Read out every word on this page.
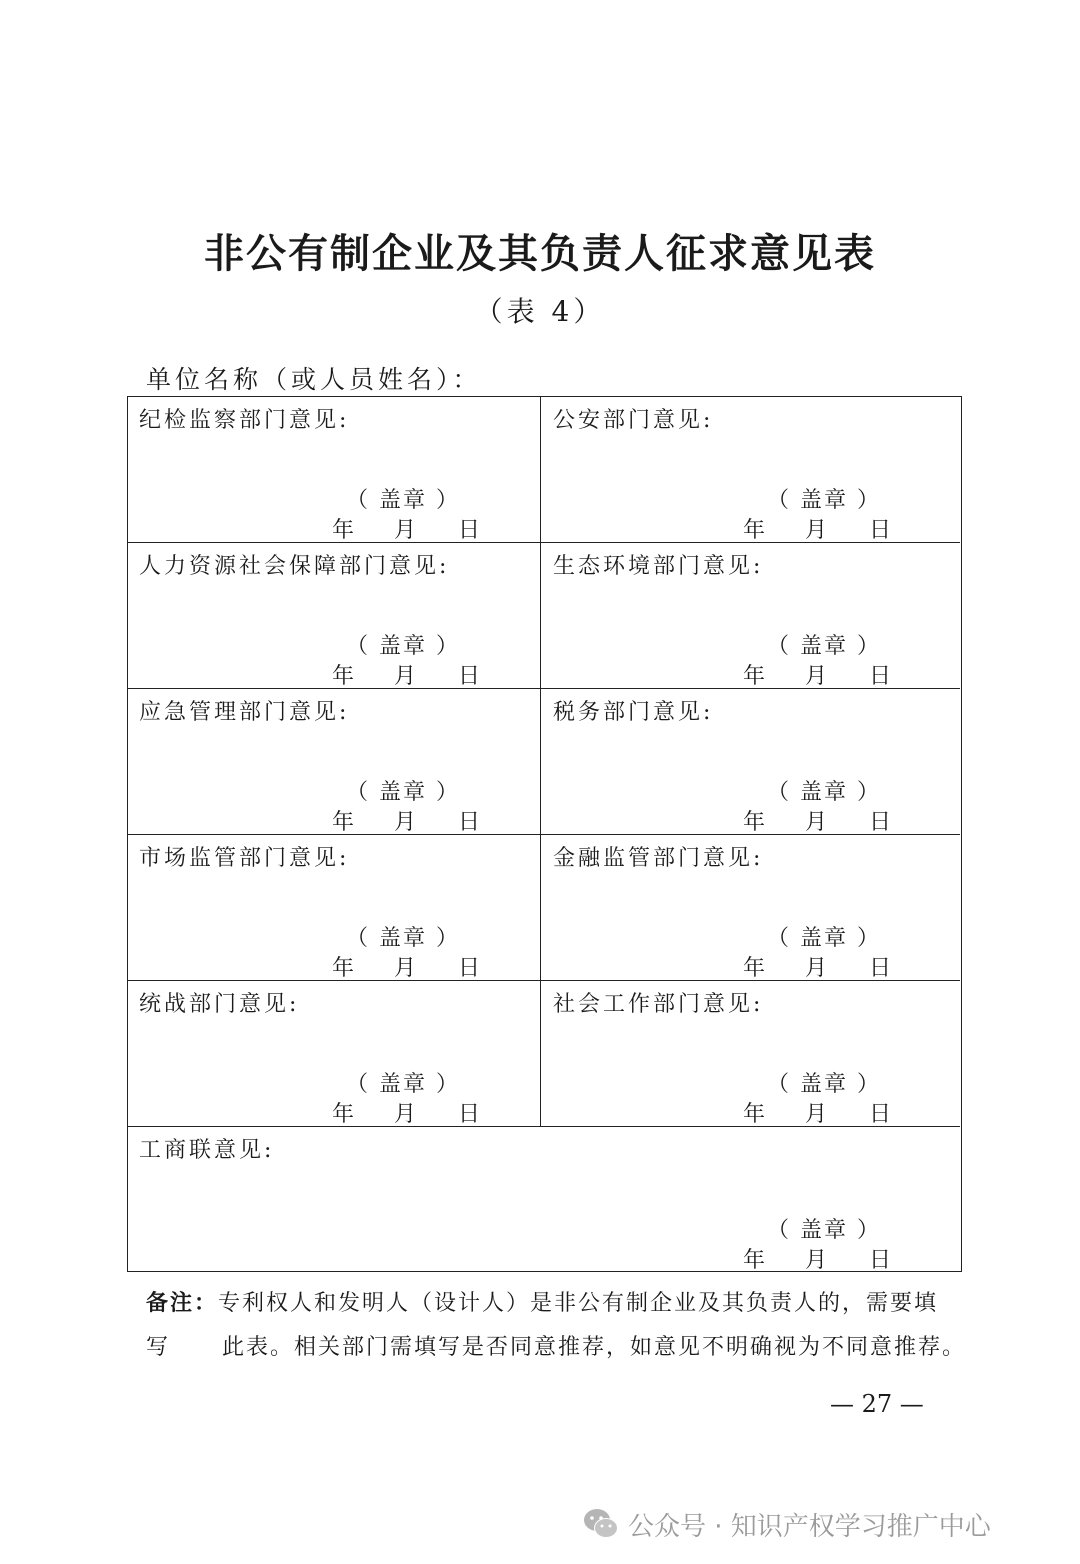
非公有制企业及其负责人征求意见表
（表 4）
单位名称（或人员姓名）：
纪检监察部门意见:
（ 盖章 ）
年 月 日
公安部门意见:
（ 盖章 ）
年 月 日
人力资源社会保障部门意见:
（ 盖章 ）
年 月 日
生态环境部门意见:
（ 盖章 ）
年 月 日
应急管理部门意见:
（ 盖章 ）
年 月 日
税务部门意见:
（ 盖章 ）
年 月 日
市场监管部门意见:
（ 盖章 ）
年 月 日
金融监管部门意见:
（ 盖章 ）
年 月 日
统战部门意见:
（ 盖章 ）
年 月 日
社会工作部门意见:
（ 盖章 ）
年 月 日
工商联意见:
（ 盖章 ）
年 月 日
备注：专利权人和发明人（设计人）是非公有制企业及其负责人的，需要填写 此表。相关部门需填写是否同意推荐，如意见不明确视为不同意推荐。
— 27 —
公众号 · 知识产权学习推广中心
